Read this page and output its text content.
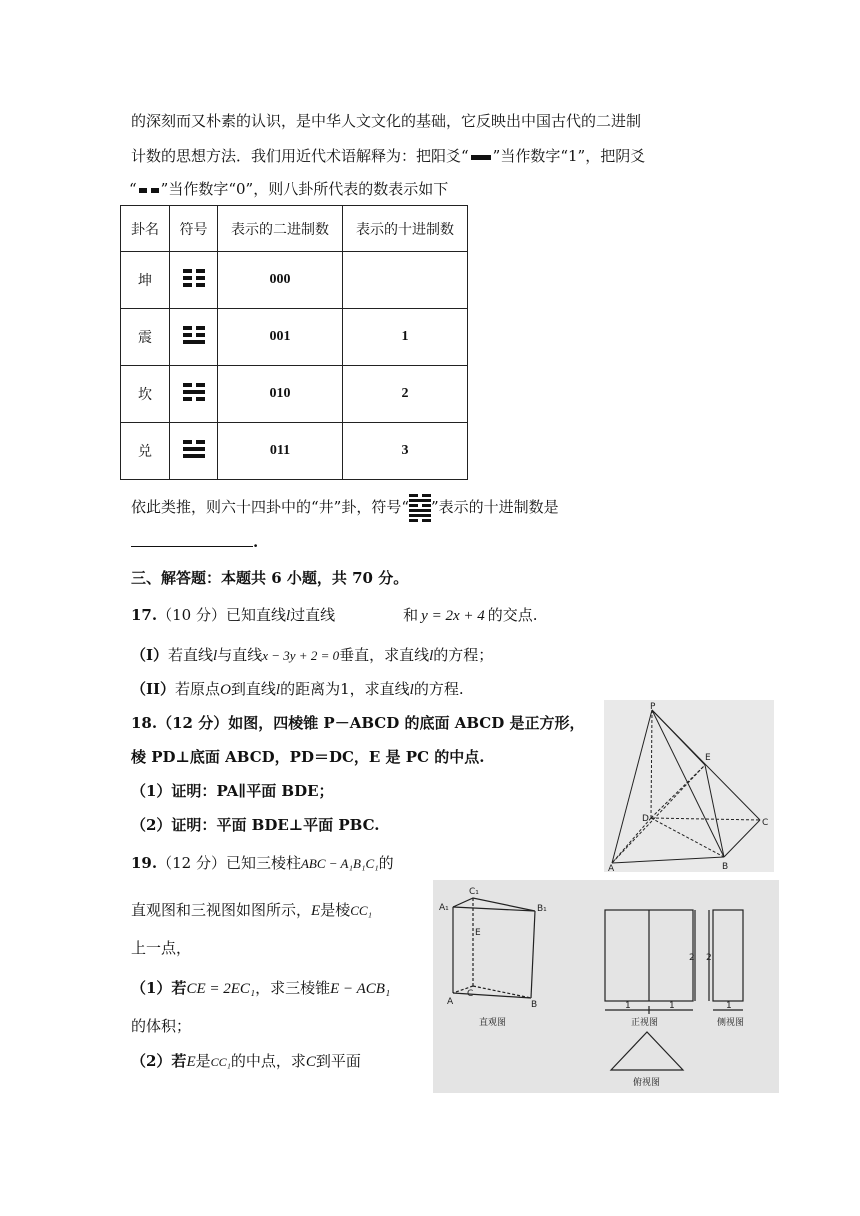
的深刻而又朴素的认识，是中华人文文化的基础，它反映出中国古代的二进制
计数的思想方法．我们用近代术语解释为：把阳爻“ ”当作数字“1”，把阴爻
“ ”当作数字“0”，则八卦所代表的数表示如下
卦名	符号	表示的二进制数	表示的十进制数
坤		000	
震		001	1
坎		010	2
兑		011	3
依此类推，则六十四卦中的“井”卦，符号“ ”表示的十进制数是
.
三、解答题：本题共 6 小题，共 70 分。
17.（10 分）已知直线l过直线	和 y = 2x + 4 的交点.
（I）若直线l与直线x − 3y + 2 = 0垂直，求直线l的方程；
（II）若原点O到直线l的距离为1，求直线l的方程.
18.（12 分）如图，四棱锥 P－ABCD 的底面 ABCD 是正方形，
棱 PD⊥底面 ABCD，PD＝DC，E 是 PC 的中点.
（1）证明：PA∥平面 BDE；
（2）证明：平面 BDE⊥平面 PBC.
P
E
D	C
A	B
19.（12 分）已知三棱柱ABC − A₁B₁C₁的
直观图和三视图如图所示，E是棱CC₁
上一点，
（1）若CE = 2EC₁，求三棱锥E − ACB₁
的体积；
（2）若E是CC₁的中点，求C到平面
C₁
A₁	B₁
E
C
A	B
直观图	正视图	侧视图
俯视图
1	1
2 2
1
